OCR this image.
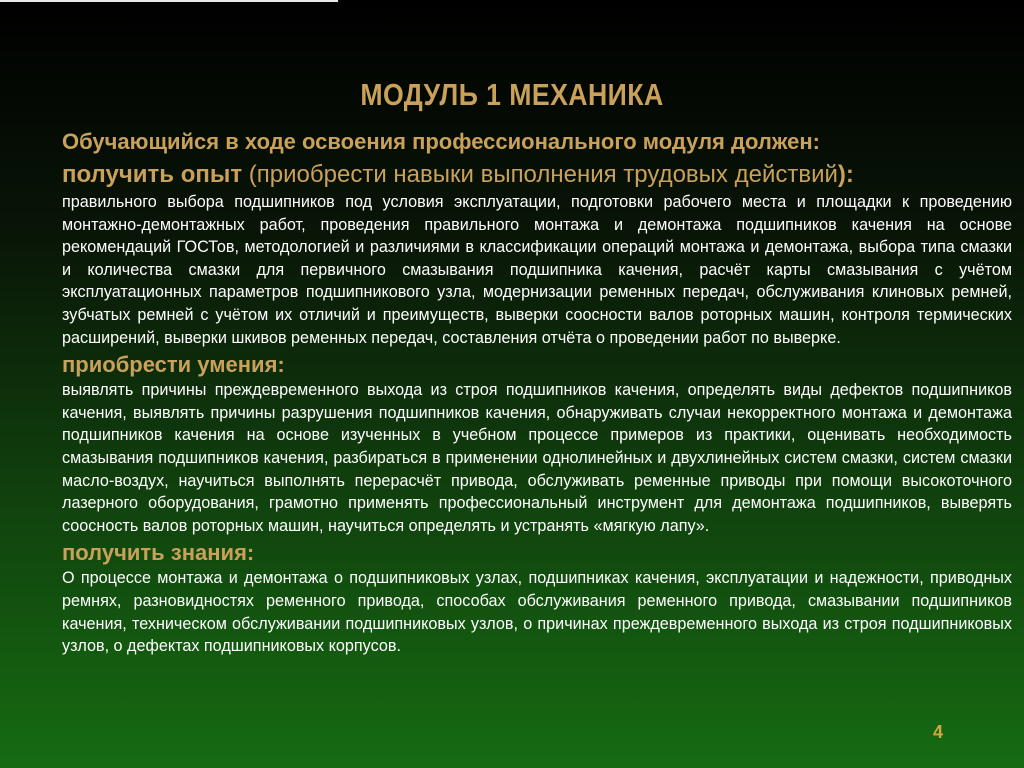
МОДУЛЬ 1 МЕХАНИКА
Обучающийся в ходе освоения профессионального модуля должен:
получить опыт (приобрести навыки выполнения трудовых действий):

правильного выбора подшипников под условия эксплуатации, подготовки рабочего места и площадки к проведению монтажно-демонтажных работ, проведения правильного монтажа и демонтажа подшипников качения на основе рекомендаций ГОСТов, методологией и различиями в классификации операций монтажа и демонтажа, выбора типа смазки и количества смазки для первичного смазывания подшипника качения, расчёт карты смазывания с учётом эксплуатационных параметров подшипникового узла, модернизации ременных передач, обслуживания клиновых ремней, зубчатых ремней с учётом их отличий и преимуществ, выверки соосности валов роторных машин, контроля термических расширений, выверки шкивов ременных передач, составления отчёта о проведении работ по выверке.

приобрести умения:

выявлять причины преждевременного выхода из строя подшипников качения, определять виды дефектов подшипников качения, выявлять причины разрушения подшипников качения, обнаруживать случаи некорректного монтажа и демонтажа подшипников качения на основе изученных в учебном процессе примеров из практики, оценивать необходимость смазывания подшипников качения, разбираться в применении однолинейных и двухлинейных систем смазки, систем смазки масло-воздух, научиться выполнять перерасчёт привода, обслуживать ременные приводы при помощи высокоточного лазерного оборудования, грамотно применять профессиональный инструмент для демонтажа подшипников, выверять соосность валов роторных машин, научиться определять и устранять «мягкую лапу».

получить знания:

О процессе монтажа и демонтажа о подшипниковых узлах, подшипниках качения, эксплуатации и надежности, приводных ремнях, разновидностях ременного привода, способах обслуживания ременного привода, смазывании подшипников качения, техническом обслуживании подшипниковых узлов, о причинах преждевременного выхода из строя подшипниковых узлов, о дефектах подшипниковых корпусов.

4
